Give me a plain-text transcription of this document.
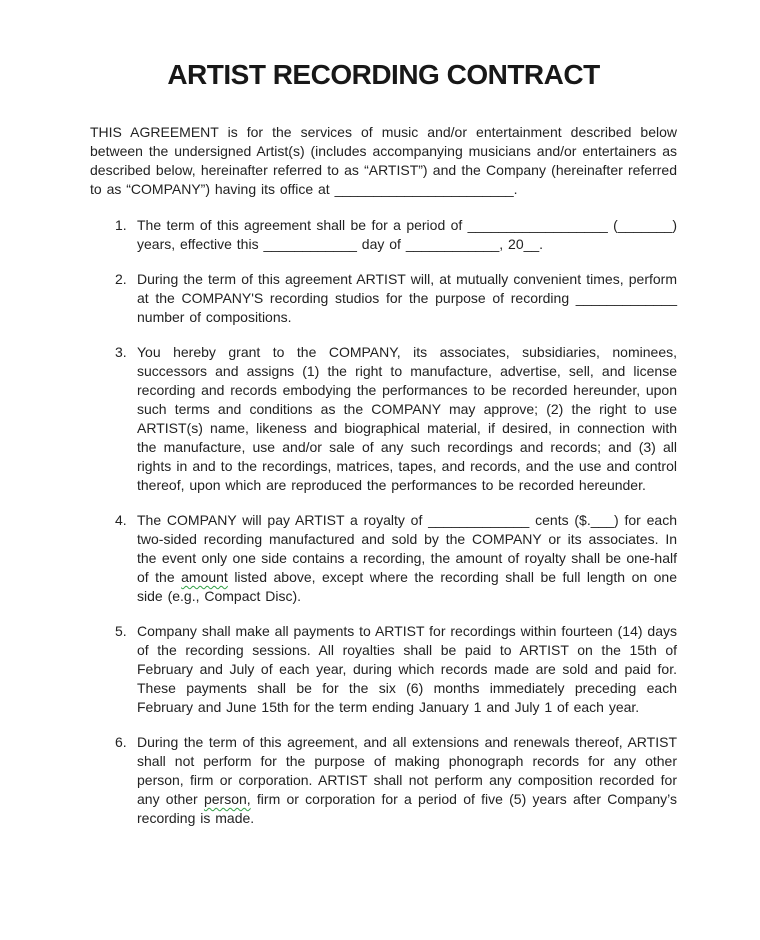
ARTIST RECORDING CONTRACT

THIS AGREEMENT is for the services of music and/or entertainment described below between the undersigned Artist(s) (includes accompanying musicians and/or entertainers as described below, hereinafter referred to as “ARTIST”) and the Company (hereinafter referred to as “COMPANY”) having its office at _______________________.

1. The term of this agreement shall be for a period of __________________ (_______) years, effective this ____________ day of ____________, 20__.
2. During the term of this agreement ARTIST will, at mutually convenient times, perform at the COMPANY'S recording studios for the purpose of recording _____________ number of compositions.
3. You hereby grant to the COMPANY, its associates, subsidiaries, nominees, successors and assigns (1) the right to manufacture, advertise, sell, and license recording and records embodying the performances to be recorded hereunder, upon such terms and conditions as the COMPANY may approve; (2) the right to use ARTIST(s) name, likeness and biographical material, if desired, in connection with the manufacture, use and/or sale of any such recordings and records; and (3) all rights in and to the recordings, matrices, tapes, and records, and the use and control thereof, upon which are reproduced the performances to be recorded hereunder.
4. The COMPANY will pay ARTIST a royalty of _____________ cents ($.___) for each two-sided recording manufactured and sold by the COMPANY or its associates. In the event only one side contains a recording, the amount of royalty shall be one-half of the amount listed above, except where the recording shall be full length on one side (e.g., Compact Disc).
5. Company shall make all payments to ARTIST for recordings within fourteen (14) days of the recording sessions. All royalties shall be paid to ARTIST on the 15th of February and July of each year, during which records made are sold and paid for. These payments shall be for the six (6) months immediately preceding each February and June 15th for the term ending January 1 and July 1 of each year.
6. During the term of this agreement, and all extensions and renewals thereof, ARTIST shall not perform for the purpose of making phonograph records for any other person, firm or corporation. ARTIST shall not perform any composition recorded for any other person, firm or corporation for a period of five (5) years after Company’s recording is made.
